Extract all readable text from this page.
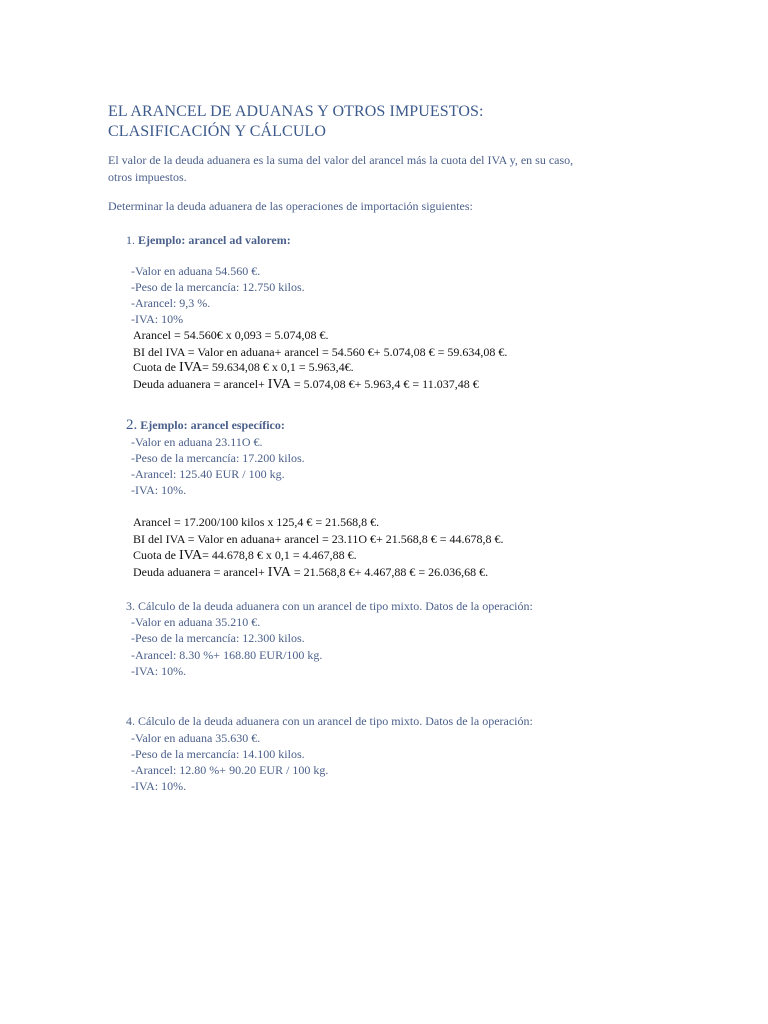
EL ARANCEL DE ADUANAS Y OTROS IMPUESTOS:
CLASIFICACIÓN Y CÁLCULO
El valor de la deuda aduanera es la suma del valor del arancel más la cuota del IVA y, en su caso,
otros impuestos.
Determinar la deuda aduanera de las operaciones de importación siguientes:
1. Ejemplo: arancel ad valorem:
-Valor en aduana 54.560 €.
-Peso de la mercancía: 12.750 kilos.
-Arancel: 9,3 %.
-IVA: 10%
Arancel = 54.560€ x 0,093 = 5.074,08 €.
BI del IVA = Valor en aduana+ arancel = 54.560 €+ 5.074,08 € = 59.634,08 €.
Cuota de IVA= 59.634,08 € x 0,1 = 5.963,4€.
Deuda aduanera = arancel+ IVA = 5.074,08 €+ 5.963,4 € = 11.037,48 €
2. Ejemplo: arancel específico:
-Valor en aduana 23.11O €.
-Peso de la mercancía: 17.200 kilos.
-Arancel: 125.40 EUR / 100 kg.
-IVA: 10%.
Arancel = 17.200/100 kilos x 125,4 € = 21.568,8 €.
BI del IVA = Valor en aduana+ arancel = 23.11O €+ 21.568,8 € = 44.678,8 €.
Cuota de IVA= 44.678,8 € x 0,1 = 4.467,88 €.
Deuda aduanera = arancel+ IVA = 21.568,8 €+ 4.467,88 € = 26.036,68 €.
3. Cálculo de la deuda aduanera con un arancel de tipo mixto. Datos de la operación:
-Valor en aduana 35.210 €.
-Peso de la mercancía: 12.300 kilos.
-Arancel: 8.30 %+ 168.80 EUR/100 kg.
-IVA: 10%.
4. Cálculo de la deuda aduanera con un arancel de tipo mixto. Datos de la operación:
-Valor en aduana 35.630 €.
-Peso de la mercancía: 14.100 kilos.
-Arancel: 12.80 %+ 90.20 EUR / 100 kg.
-IVA: 10%.
